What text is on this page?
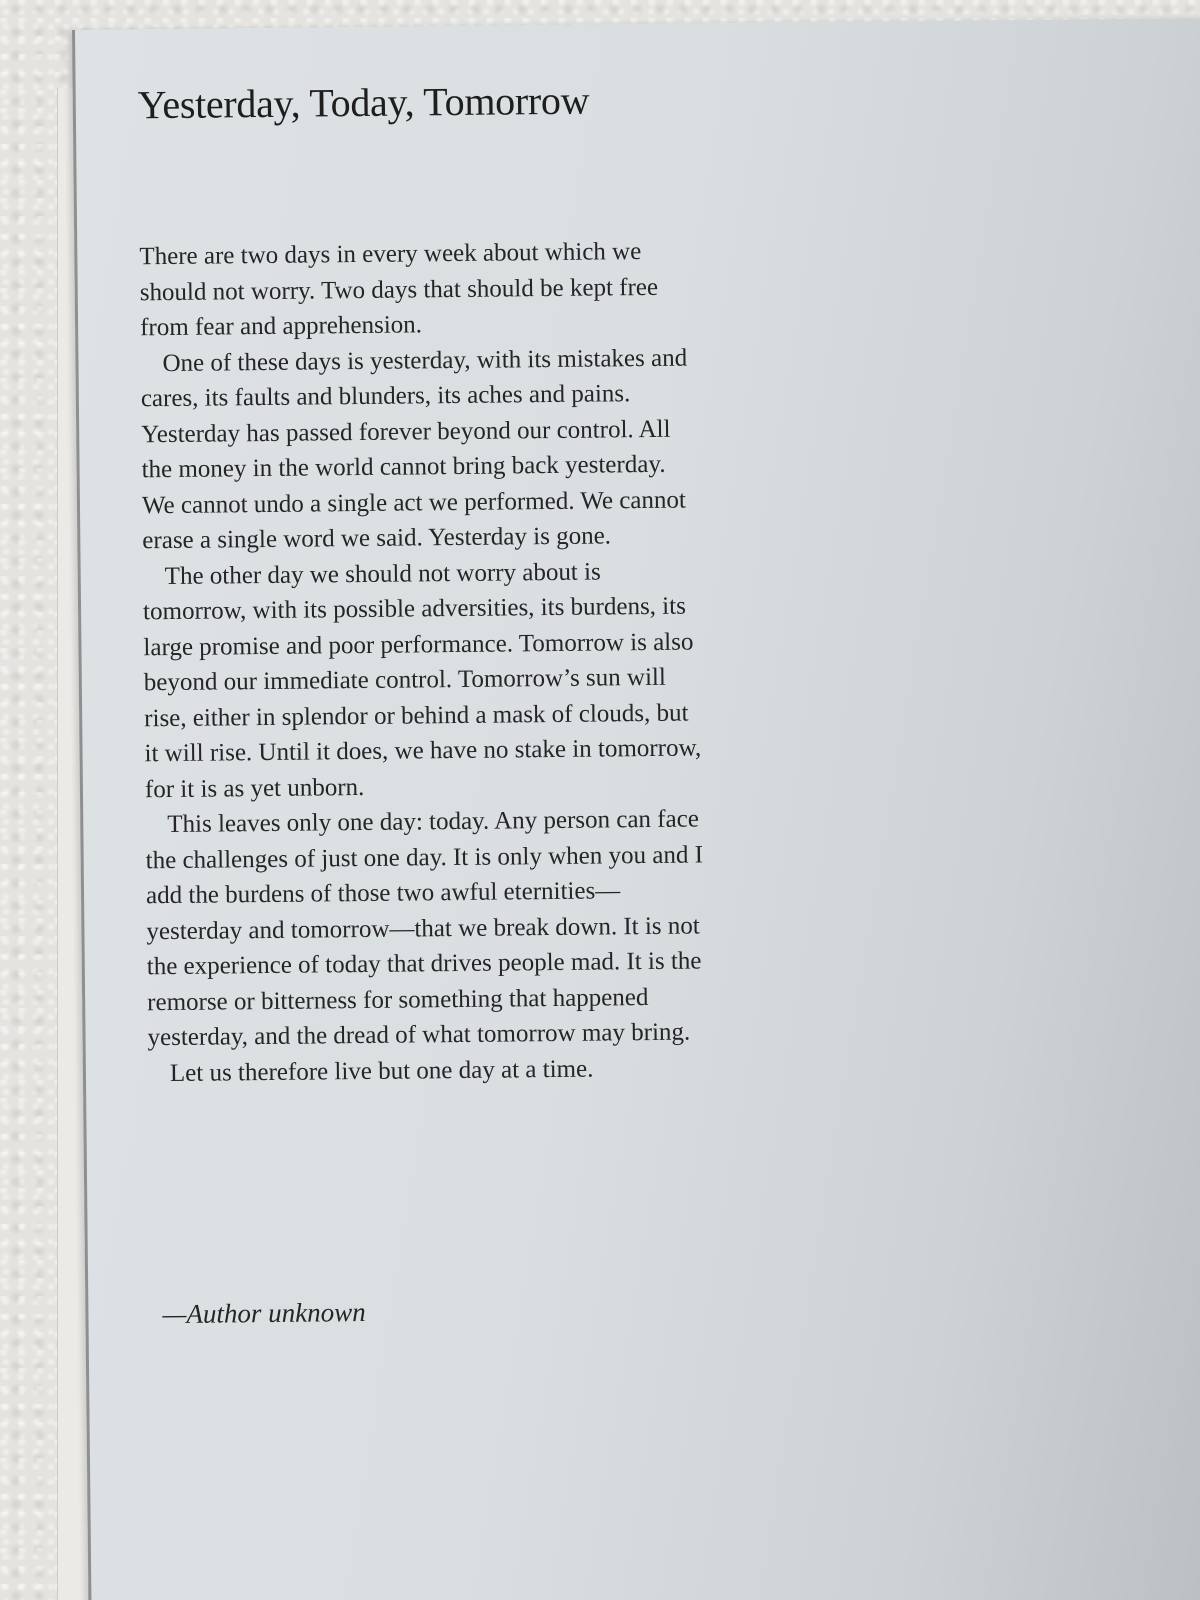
Yesterday, Today, Tomorrow

There are two days in every week about which we should not worry. Two days that should be kept free from fear and apprehension.

One of these days is yesterday, with its mistakes and cares, its faults and blunders, its aches and pains. Yesterday has passed forever beyond our control. All the money in the world cannot bring back yesterday. We cannot undo a single act we performed. We cannot erase a single word we said. Yesterday is gone.

The other day we should not worry about is tomorrow, with its possible adversities, its burdens, its large promise and poor performance. Tomorrow is also beyond our immediate control. Tomorrow’s sun will rise, either in splendor or behind a mask of clouds, but it will rise. Until it does, we have no stake in tomorrow, for it is as yet unborn.

This leaves only one day: today. Any person can face the challenges of just one day. It is only when you and I add the burdens of those two awful eternities—yesterday and tomorrow—that we break down. It is not the experience of today that drives people mad. It is the remorse or bitterness for something that happened yesterday, and the dread of what tomorrow may bring.

Let us therefore live but one day at a time.

—Author unknown
